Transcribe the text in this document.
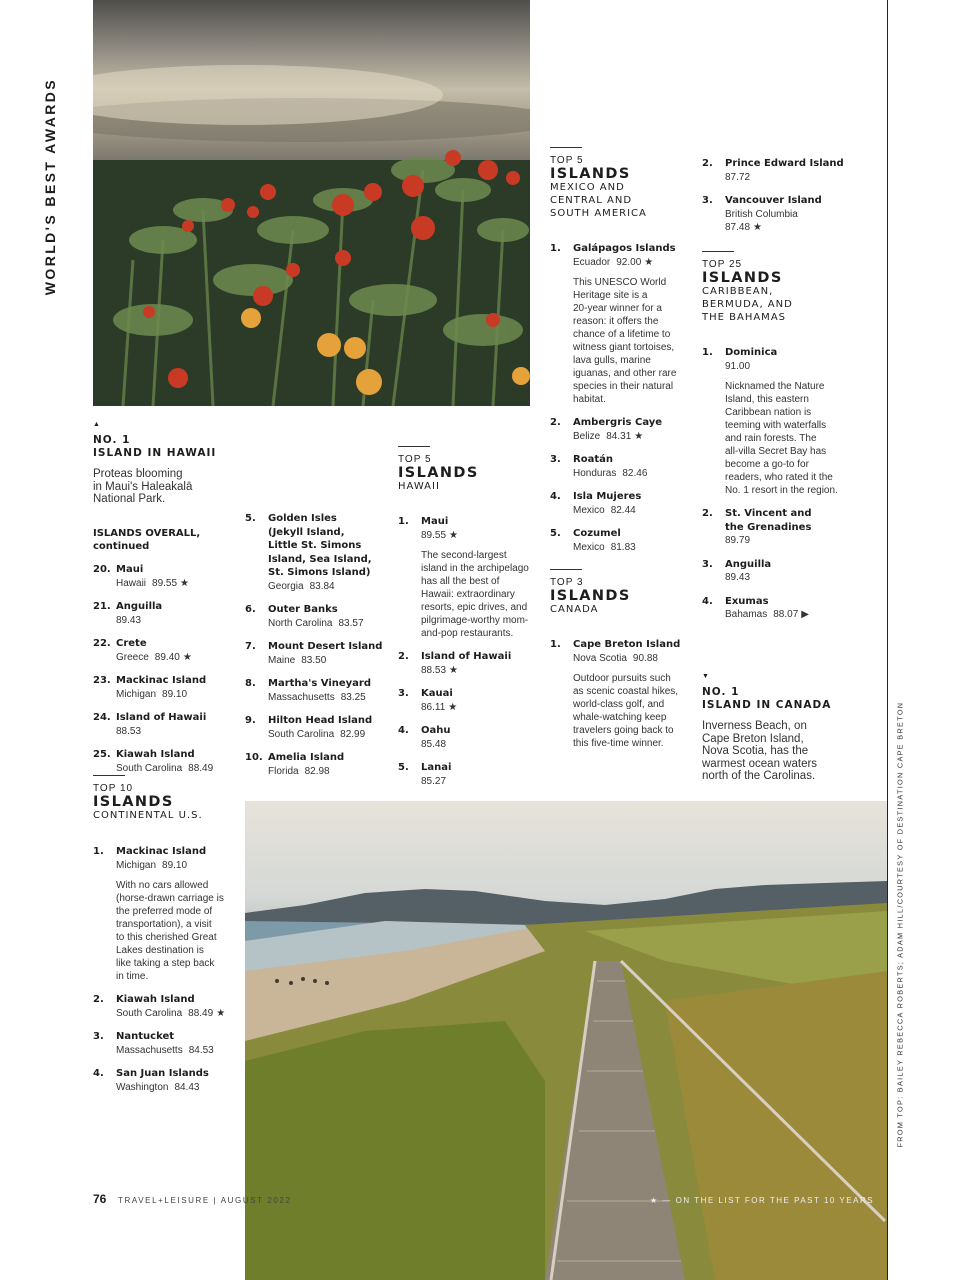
WORLD'S BEST AWARDS
▲
NO. 1
ISLAND IN HAWAII
Proteas blooming
in Maui's Haleakalā
National Park.
ISLANDS OVERALL,
continued
20. Maui
Hawaii 89.55 ★
21. Anguilla
89.43
22. Crete
Greece 89.40 ★
23. Mackinac Island
Michigan 89.10
24. Island of Hawaii
88.53
25. Kiawah Island
South Carolina 88.49
5. Golden Isles
(Jekyll Island,
Little St. Simons
Island, Sea Island,
St. Simons Island)
Georgia 83.84
6. Outer Banks
North Carolina 83.57
7. Mount Desert Island
Maine 83.50
8. Martha's Vineyard
Massachusetts 83.25
9. Hilton Head Island
South Carolina 82.99
10. Amelia Island
Florida 82.98
TOP 10
ISLANDS
CONTINENTAL U.S.
1. Mackinac Island
Michigan 89.10
With no cars allowed
(horse-drawn carriage is
the preferred mode of
transportation), a visit
to this cherished Great
Lakes destination is
like taking a step back
in time.
2. Kiawah Island
South Carolina 88.49 ★
3. Nantucket
Massachusetts 84.53
4. San Juan Islands
Washington 84.43
TOP 5
ISLANDS
HAWAII
1. Maui
89.55 ★
The second-largest
island in the archipelago
has all the best of
Hawaii: extraordinary
resorts, epic drives, and
pilgrimage-worthy mom-
and-pop restaurants.
2. Island of Hawaii
88.53 ★
3. Kauai
86.11 ★
4. Oahu
85.48
5. Lanai
85.27
TOP 5
ISLANDS
MEXICO AND
CENTRAL AND
SOUTH AMERICA
1. Galápagos Islands
Ecuador 92.00 ★
This UNESCO World
Heritage site is a
20-year winner for a
reason: it offers the
chance of a lifetime to
witness giant tortoises,
lava gulls, marine
iguanas, and other rare
species in their natural
habitat.
2. Ambergris Caye
Belize 84.31 ★
3. Roatán
Honduras 82.46
4. Isla Mujeres
Mexico 82.44
5. Cozumel
Mexico 81.83
TOP 3
ISLANDS
CANADA
1. Cape Breton Island
Nova Scotia 90.88
Outdoor pursuits such
as scenic coastal hikes,
world-class golf, and
whale-watching keep
travelers going back to
this five-time winner.
2. Prince Edward Island
87.72
3. Vancouver Island
British Columbia
87.48 ★
TOP 25
ISLANDS
CARIBBEAN,
BERMUDA, AND
THE BAHAMAS
1. Dominica
91.00
Nicknamed the Nature
Island, this eastern
Caribbean nation is
teeming with waterfalls
and rain forests. The
all-villa Secret Bay has
become a go-to for
readers, who rated it the
No. 1 resort in the region.
2. St. Vincent and
the Grenadines
89.79
3. Anguilla
89.43
4. Exumas
Bahamas 88.07 ▶
▼
NO. 1
ISLAND IN CANADA
Inverness Beach, on
Cape Breton Island,
Nova Scotia, has the
warmest ocean waters
north of the Carolinas.
76 TRAVEL+LEISURE | AUGUST 2022	★ — ON THE LIST FOR THE PAST 10 YEARS
FROM TOP: BAILEY REBECCA ROBERTS; ADAM HILL/COURTESY OF DESTINATION CAPE BRETON
